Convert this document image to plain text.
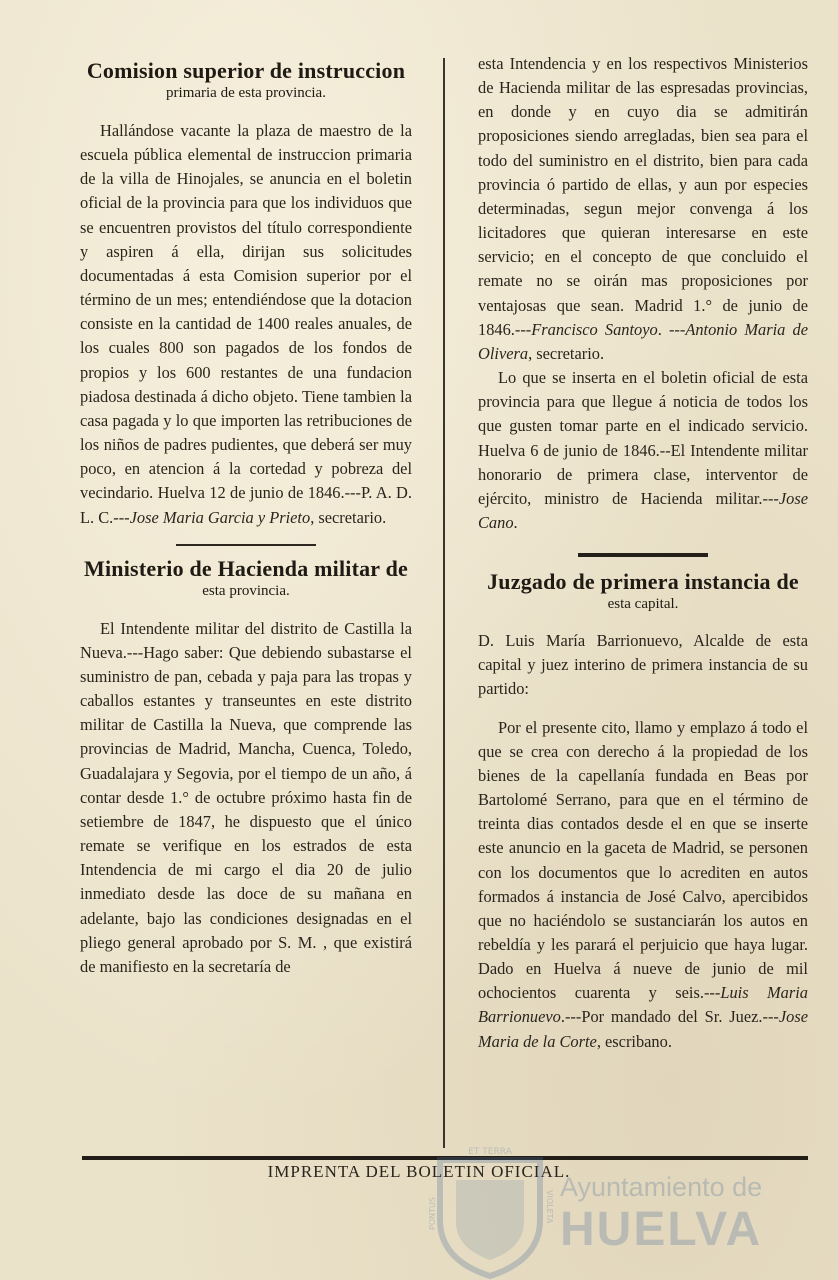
Comision superior de instruccion
primaria de esta provincia.

Hallándose vacante la plaza de maestro de la escuela pública elemental de instruccion primaria de la villa de Hinojales, se anuncia en el boletin oficial de la provincia para que los individuos que se encuentren provistos del título correspondiente y aspiren á ella, dirijan sus solicitudes documentadas á esta Comision superior por el término de un mes; entendiéndose que la dotacion consiste en la cantidad de 1400 reales anuales, de los cuales 800 son pagados de los fondos de propios y los 600 restantes de una fundacion piadosa destinada á dicho objeto. Tiene tambien la casa pagada y lo que importen las retribuciones de los niños de padres pudientes, que deberá ser muy poco, en atencion á la cortedad y pobreza del vecindario. Huelva 12 de junio de 1846.---P. A. D. L. C.---Jose Maria Garcia y Prieto, secretario.

Ministerio de Hacienda militar de
esta provincia.

El Intendente militar del distrito de Castilla la Nueva.---Hago saber: Que debiendo subastarse el suministro de pan, cebada y paja para las tropas y caballos estantes y transeuntes en este distrito militar de Castilla la Nueva, que comprende las provincias de Madrid, Mancha, Cuenca, Toledo, Guadalajara y Segovia, por el tiempo de un año, á contar desde 1.° de octubre próximo hasta fin de setiembre de 1847, he dispuesto que el único remate se verifique en los estrados de esta Intendencia de mi cargo el dia 20 de julio inmediato desde las doce de su mañana en adelante, bajo las condiciones designadas en el pliego general aprobado por S. M. , que existirá de manifiesto en la secretaría de

esta Intendencia y en los respectivos Ministerios de Hacienda militar de las espresadas provincias, en donde y en cuyo dia se admitirán proposiciones siendo arregladas, bien sea para el todo del suministro en el distrito, bien para cada provincia ó partido de ellas, y aun por especies determinadas, segun mejor convenga á los licitadores que quieran interesarse en este servicio; en el concepto de que concluido el remate no se oirán mas proposiciones por ventajosas que sean. Madrid 1.° de junio de 1846.---Francisco Santoyo. ---Antonio Maria de Olivera, secretario.

Lo que se inserta en el boletin oficial de esta provincia para que llegue á noticia de todos los que gusten tomar parte en el indicado servicio. Huelva 6 de junio de 1846.--El Intendente militar honorario de primera clase, interventor de ejército, ministro de Hacienda militar.---Jose Cano.

Juzgado de primera instancia de
esta capital.

D. Luis María Barrionuevo, Alcalde de esta capital y juez interino de primera instancia de su partido:

Por el presente cito, llamo y emplazo á todo el que se crea con derecho á la propiedad de los bienes de la capellanía fundada en Beas por Bartolomé Serrano, para que en el término de treinta dias contados desde el en que se inserte este anuncio en la gaceta de Madrid, se personen con los documentos que lo acrediten en autos formados á instancia de José Calvo, apercibidos que no haciéndolo se sustanciarán los autos en rebeldía y les parará el perjuicio que haya lugar. Dado en Huelva á nueve de junio de mil ochocientos cuarenta y seis.---Luis Maria Barrionuevo.---Por mandado del Sr. Juez.---Jose Maria de la Corte, escribano.

IMPRENTA DEL BOLETIN OFICIAL.
ET TERRA
PONTUS	VIOLETA
Ayuntamiento de
HUELVA
